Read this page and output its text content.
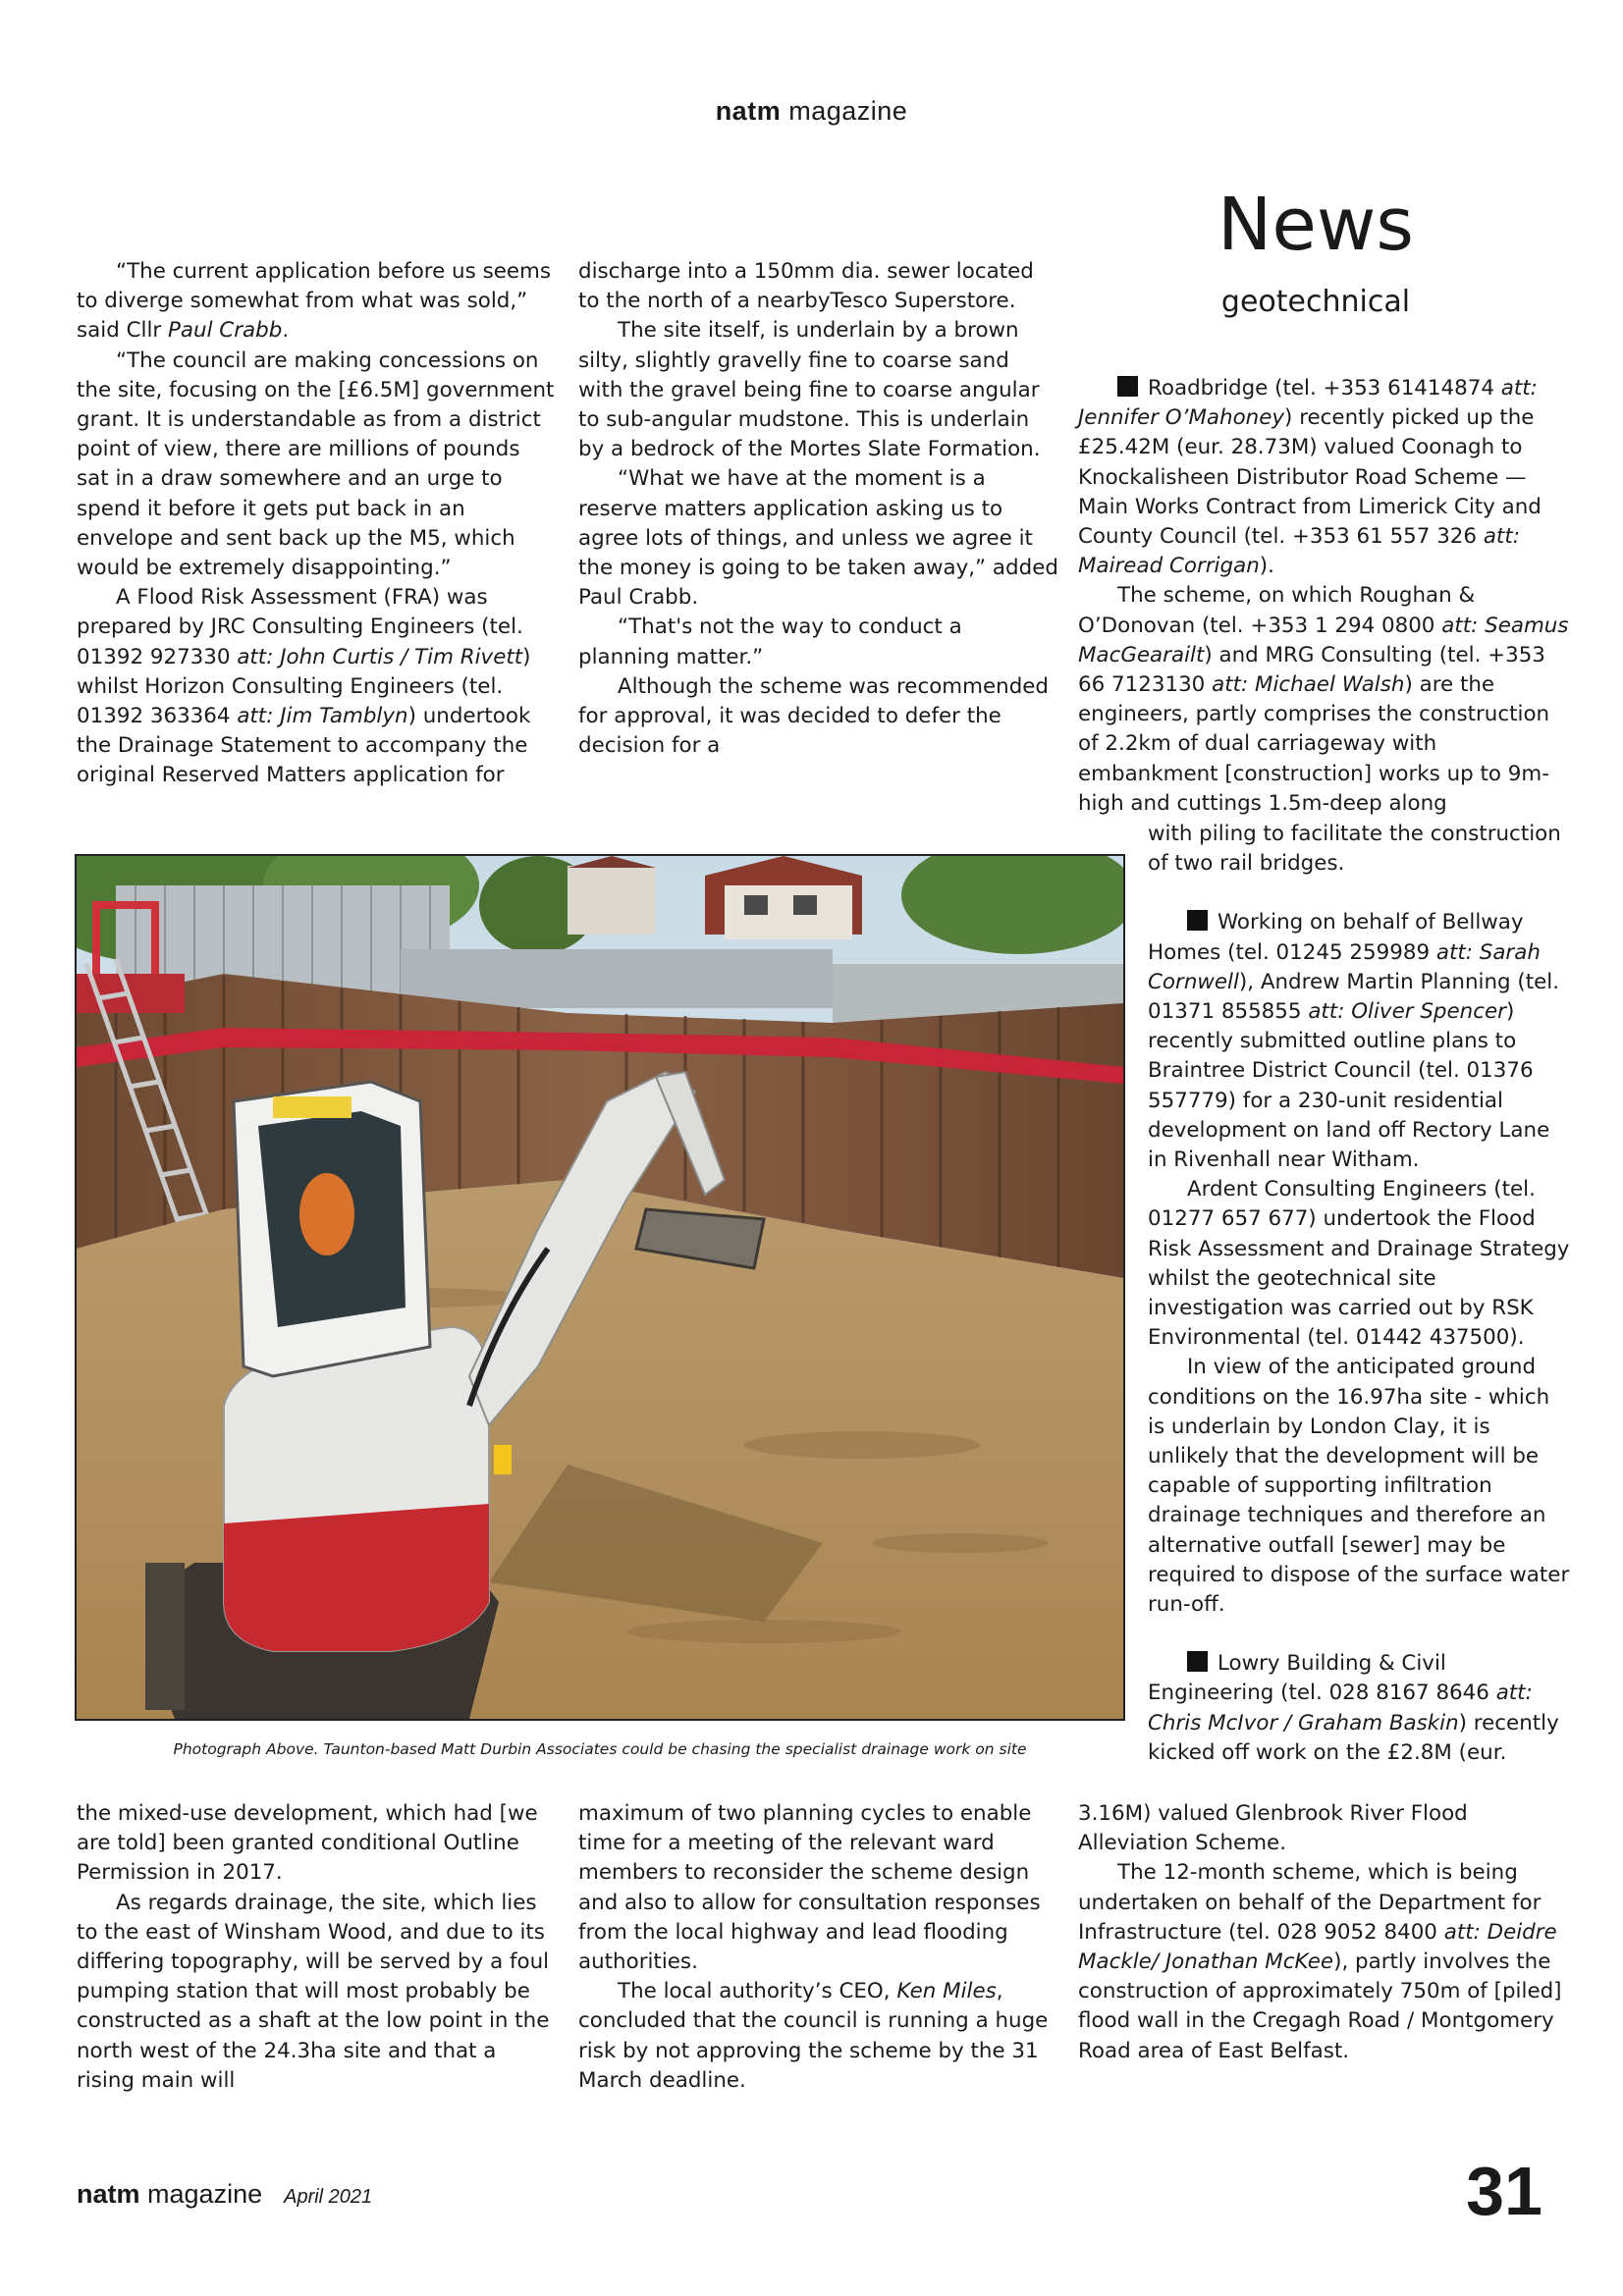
natm magazine
News
geotechnical

“The current application before us seems to diverge somewhat from what was sold,” said Cllr Paul Crabb.

“The council are making concessions on the site, focusing on the [£6.5M] government grant. It is understandable as from a district point of view, there are millions of pounds sat in a draw somewhere and an urge to spend it before it gets put back in an envelope and sent back up the M5, which would be extremely disappointing.”

A Flood Risk Assessment (FRA) was prepared by JRC Consulting Engineers (tel. 01392 927330 att: John Curtis / Tim Rivett) whilst Horizon Consulting Engineers (tel. 01392 363364 att: Jim Tamblyn) undertook the Drainage Statement to accompany the original Reserved Matters application for

discharge into a 150mm dia. sewer located to the north of a nearbyTesco Superstore.

The site itself, is underlain by a brown silty, slightly gravelly fine to coarse sand with the gravel being fine to coarse angular to sub-angular mudstone. This is underlain by a bedrock of the Mortes Slate Formation.

“What we have at the moment is a reserve matters application asking us to agree lots of things, and unless we agree it the money is going to be taken away,” added Paul Crabb.

“That's not the way to conduct a planning matter.”

Although the scheme was recommended for approval, it was decided to defer the decision for a

Roadbridge (tel. +353 61414874 att: Jennifer O’Mahoney) recently picked up the £25.42M (eur. 28.73M) valued Coonagh to Knockalisheen Distributor Road Scheme — Main Works Contract from Limerick City and County Council (tel. +353 61 557 326 att: Mairead Corrigan).

The scheme, on which Roughan & O’Donovan (tel. +353 1 294 0800 att: Seamus MacGearailt) and MRG Consulting (tel. +353 66 7123130 att: Michael Walsh) are the engineers, partly comprises the construction of 2.2km of dual carriageway with embankment [construction] works up to 9m-high and cuttings 1.5m-deep along

with piling to facilitate the construction of two rail bridges.

Working on behalf of Bellway Homes (tel. 01245 259989 att: Sarah Cornwell), Andrew Martin Planning (tel. 01371 855855 att: Oliver Spencer) recently submitted outline plans to Braintree District Council (tel. 01376 557779) for a 230-unit residential development on land off Rectory Lane in Rivenhall near Witham.

Ardent Consulting Engineers (tel. 01277 657 677) undertook the Flood Risk Assessment and Drainage Strategy whilst the geotechnical site investigation was carried out by RSK Environmental (tel. 01442 437500).

In view of the anticipated ground conditions on the 16.97ha site - which is underlain by London Clay, it is unlikely that the development will be capable of supporting infiltration drainage techniques and therefore an alternative outfall [sewer] may be required to dispose of the surface water run-off.

Lowry Building & Civil Engineering (tel. 028 8167 8646 att: Chris McIvor / Graham Baskin) recently kicked off work on the £2.8M (eur.

Photograph Above. Taunton-based Matt Durbin Associates could be chasing the specialist drainage work on site

the mixed-use development, which had [we are told] been granted conditional Outline Permission in 2017.

As regards drainage, the site, which lies to the east of Winsham Wood, and due to its differing topography, will be served by a foul pumping station that will most probably be constructed as a shaft at the low point in the north west of the 24.3ha site and that a rising main will

maximum of two planning cycles to enable time for a meeting of the relevant ward members to reconsider the scheme design and also to allow for consultation responses from the local highway and lead flooding authorities.

The local authority’s CEO, Ken Miles, concluded that the council is running a huge risk by not approving the scheme by the 31 March deadline.

3.16M) valued Glenbrook River Flood Alleviation Scheme.

The 12-month scheme, which is being undertaken on behalf of the Department for Infrastructure (tel. 028 9052 8400 att: Deidre Mackle/ Jonathan McKee), partly involves the construction of approximately 750m of [piled] flood wall in the Cregagh Road / Montgomery Road area of East Belfast.

natm magazine April 2021	31
